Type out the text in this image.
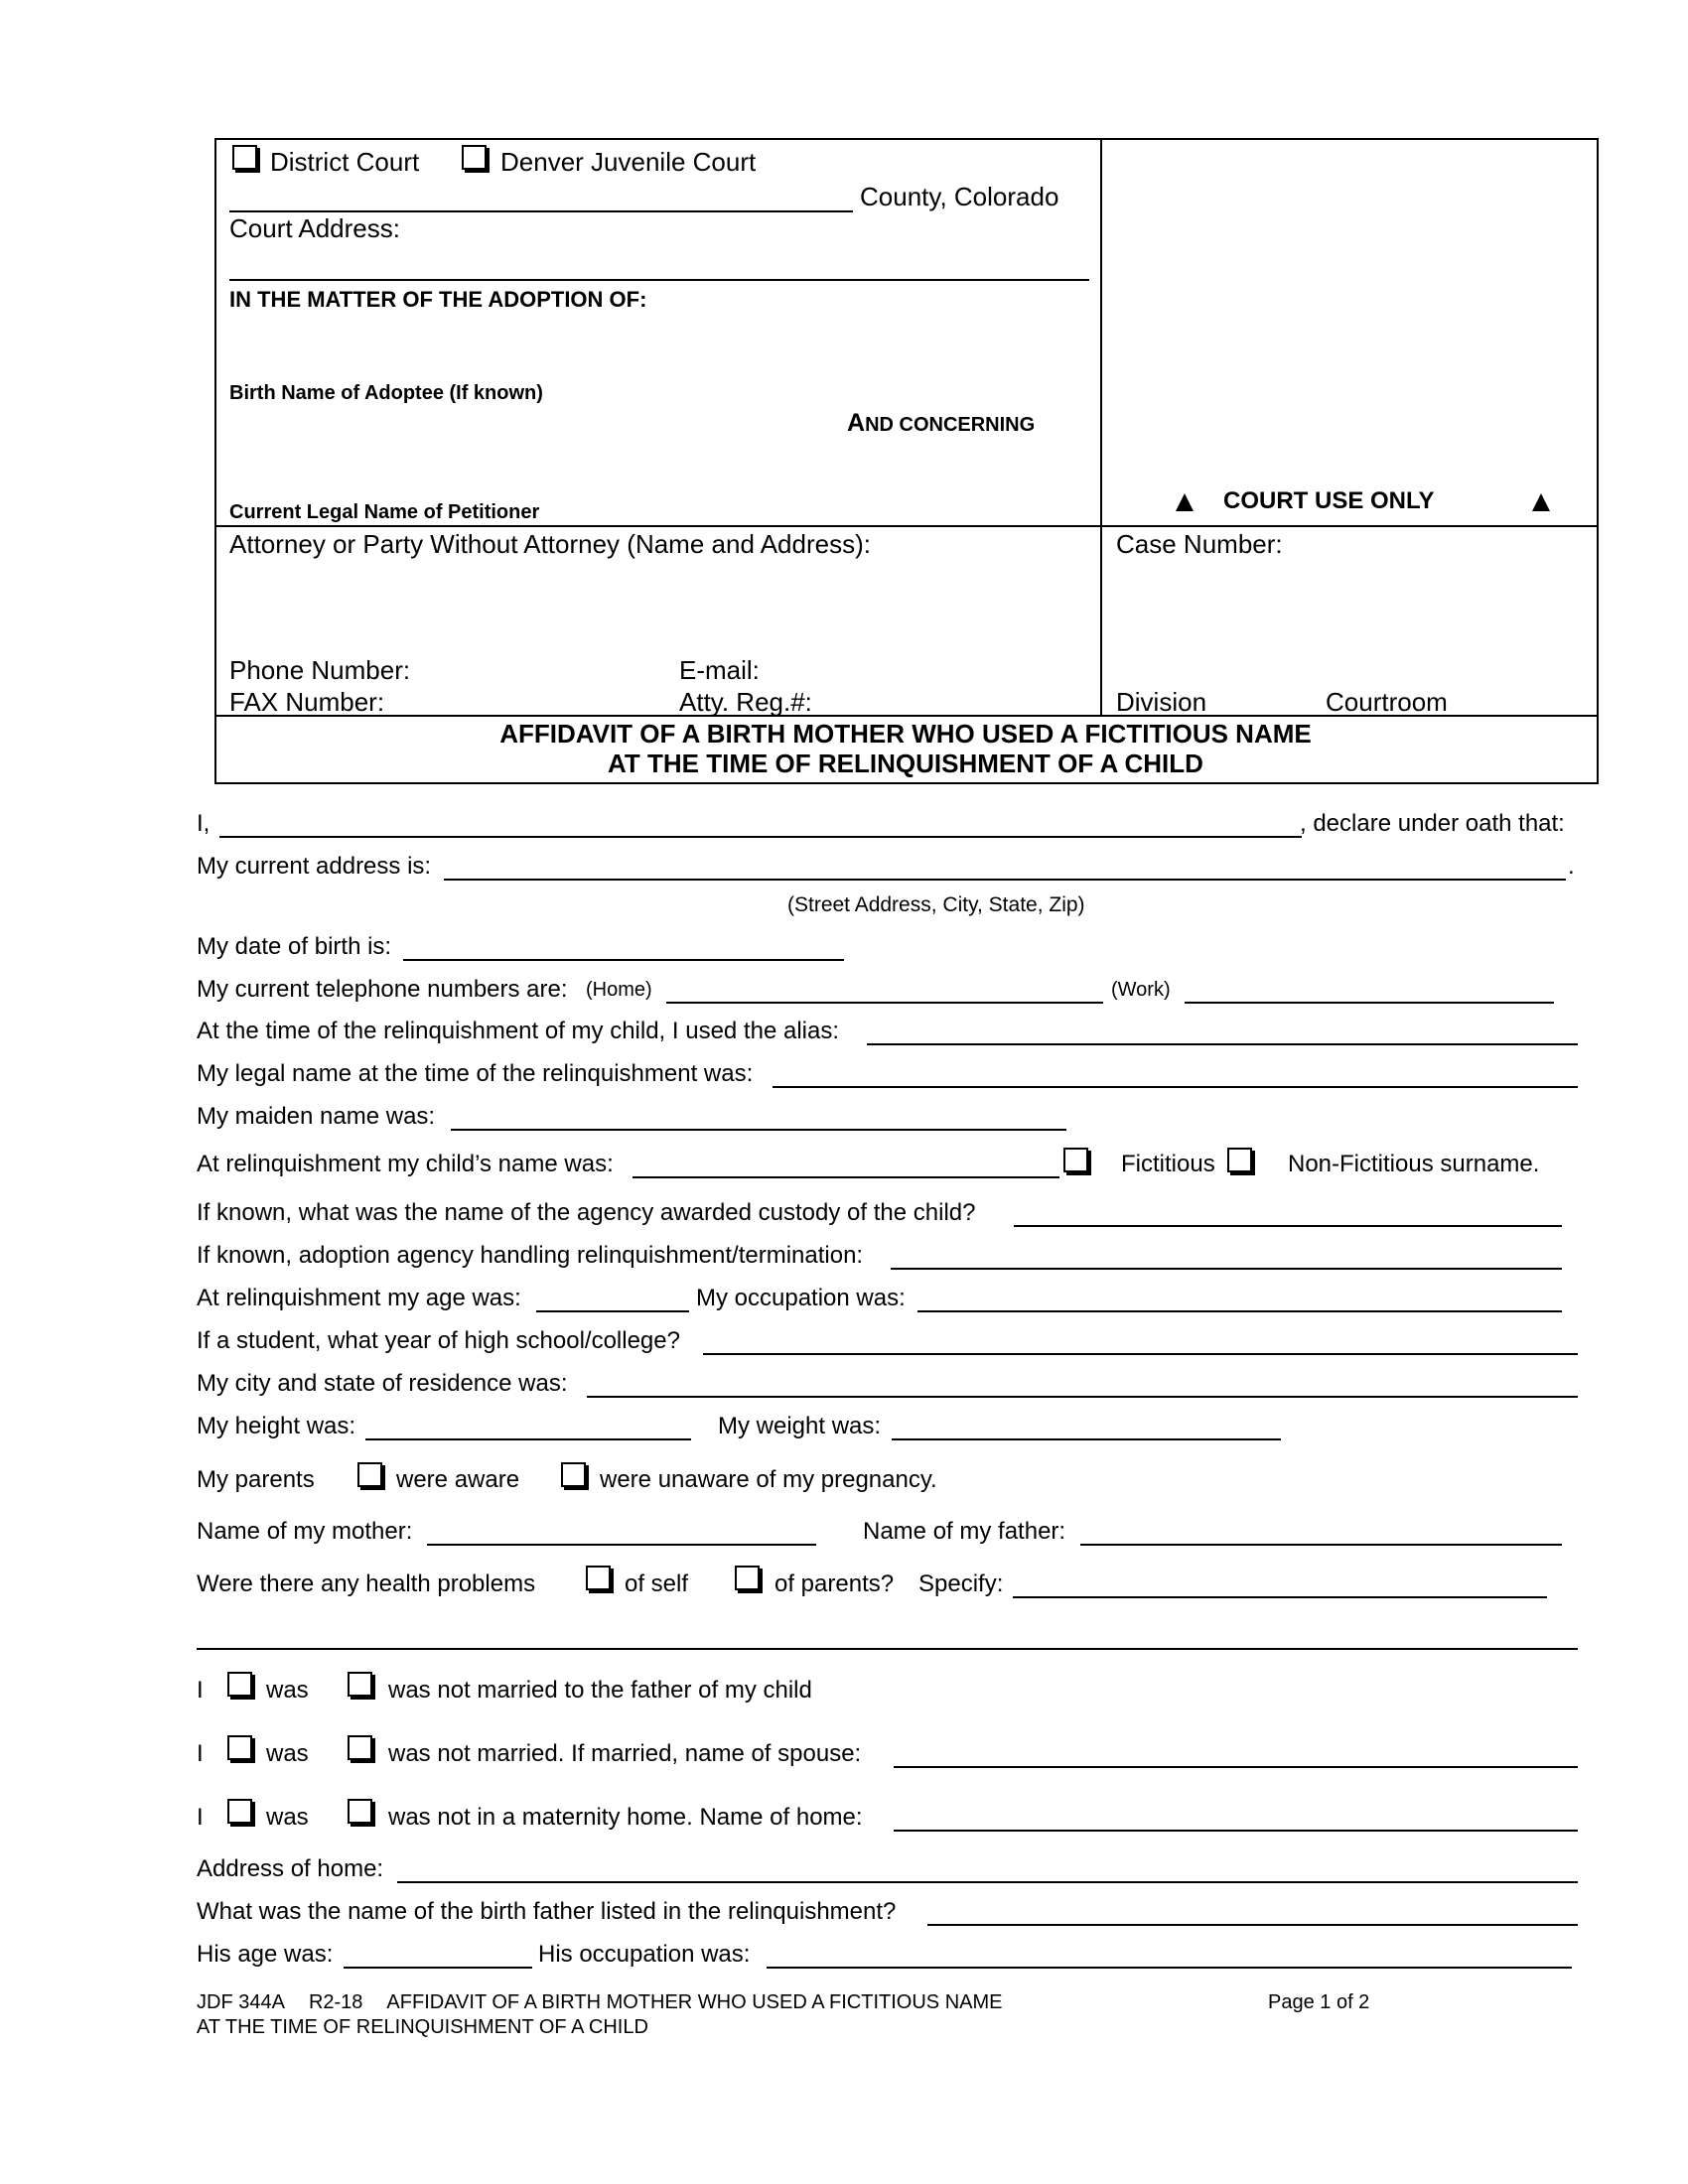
District Court	Denver Juvenile Court
County, Colorado
Court Address:
IN THE MATTER OF THE ADOPTION OF:
Birth Name of Adoptee (If known)
AND CONCERNING
Current Legal Name of Petitioner	COURT USE ONLY
Attorney or Party Without Attorney (Name and Address):
Phone Number:	E-mail:
FAX Number:	Atty. Reg.#:
Case Number:
Division	Courtroom
AFFIDAVIT OF A BIRTH MOTHER WHO USED A FICTITIOUS NAME
AT THE TIME OF RELINQUISHMENT OF A CHILD
I,	, declare under oath that:
My current address is:	.
(Street Address, City, State, Zip)
My date of birth is:
My current telephone numbers are: (Home)	(Work)
At the time of the relinquishment of my child, I used the alias:
My legal name at the time of the relinquishment was:
My maiden name was:
At relinquishment my child’s name was:	Fictitious	Non-Fictitious surname.
If known, what was the name of the agency awarded custody of the child?
If known, adoption agency handling relinquishment/termination:
At relinquishment my age was:	My occupation was:
If a student, what year of high school/college?
My city and state of residence was:
My height was:	My weight was:
My parents	were aware	were unaware of my pregnancy.
Name of my mother:	Name of my father:
Were there any health problems	of self	of parents? Specify:
I	was	was not married to the father of my child
I	was	was not married. If married, name of spouse:
I	was	was not in a maternity home. Name of home:
Address of home:
What was the name of the birth father listed in the relinquishment?
His age was:	His occupation was:
JDF 344A R2-18 AFFIDAVIT OF A BIRTH MOTHER WHO USED A FICTITIOUS NAME	Page 1 of 2
AT THE TIME OF RELINQUISHMENT OF A CHILD
